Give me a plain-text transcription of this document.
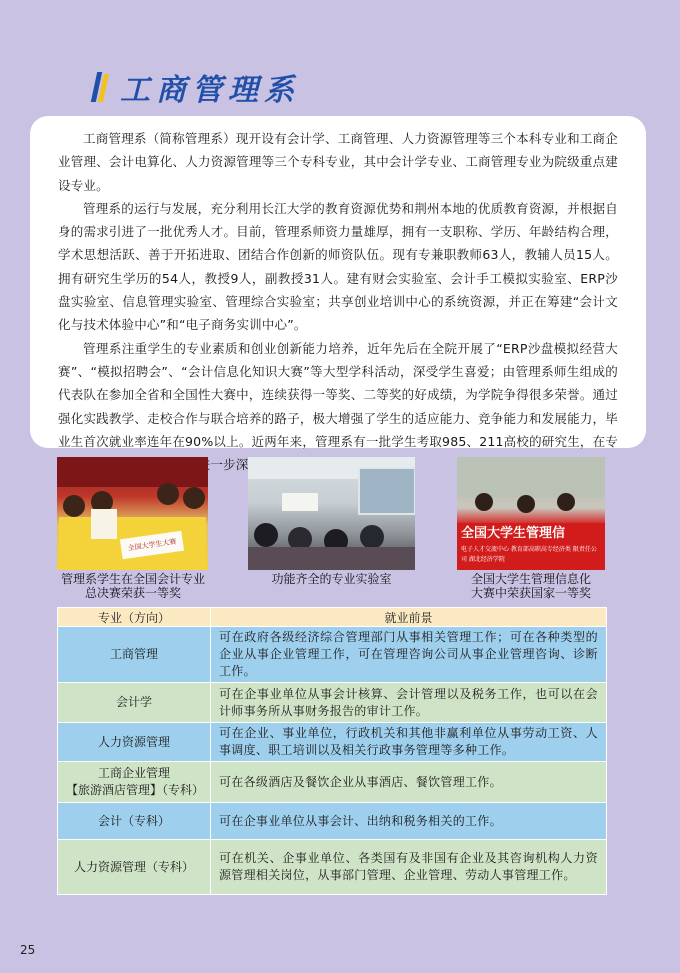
工商管理系

工商管理系（简称管理系）现开设有会计学、工商管理、人力资源管理等三个本科专业和工商企业管理、会计电算化、人力资源管理等三个专科专业，其中会计学专业、工商管理专业为院级重点建设专业。

管理系的运行与发展，充分利用长江大学的教育资源优势和荆州本地的优质教育资源，并根据自身的需求引进了一批优秀人才。目前，管理系师资力量雄厚，拥有一支职称、学历、年龄结构合理，学术思想活跃、善于开拓进取、团结合作创新的师资队伍。现有专兼职教师63人，教辅人员15人。拥有研究生学历的54人，教授9人，副教授31人。建有财会实验室、会计手工模拟实验室、ERP沙盘实验室、信息管理实验室、管理综合实验室；共享创业培训中心的系统资源，并正在筹建“会计文化与技术体验中心”和“电子商务实训中心”。

管理系注重学生的专业素质和创业创新能力培养，近年先后在全院开展了“ERP沙盘模拟经营大赛”、“模拟招聘会”、“会计信息化知识大赛”等大型学科活动，深受学生喜爱；由管理系师生组成的代表队在参加全省和全国性大赛中，连续获得一等奖、二等奖的好成绩，为学院争得很多荣誉。通过强化实践教学、走校合作与联合培养的路子，极大增强了学生的适应能力、竞争能力和发展能力，毕业生首次就业率连年在90%以上。近两年来，管理系有一批学生考取985、211高校的研究生，在专 平台进一步深造。

全国大学生大赛
管理系学生在全国会计专业
总决赛荣获一等奖
功能齐全的专业实验室
全国大学生管理信
电子人才交流中心 教育部高职高专经济类 限责任公司 湖北经济学院
全国大学生管理信息化
大赛中荣获国家一等奖
专业（方向）	就业前景
工商管理	可在政府各级经济综合管理部门从事相关管理工作；可在各种类型的企业从事企业管理工作，可在管理咨询公司从事企业管理咨询、诊断工作。
会计学	可在企事业单位从事会计核算、会计管理以及税务工作，也可以在会计师事务所从事财务报告的审计工作。
人力资源管理	可在企业、事业单位，行政机关和其他非赢利单位从事劳动工资、人事调度、职工培训以及相关行政事务管理等多种工作。

工商企业管理
【旅游酒店管理】（专科）	可在各级酒店及餐饮企业从事酒店、餐饮管理工作。
会计（专科）	可在企事业单位从事会计、出纳和税务相关的工作。
人力资源管理（专科）	可在机关、企事业单位、各类国有及非国有企业及其咨询机构人力资源管理相关岗位，从事部门管理、企业管理、劳动人事管理工作。
25
